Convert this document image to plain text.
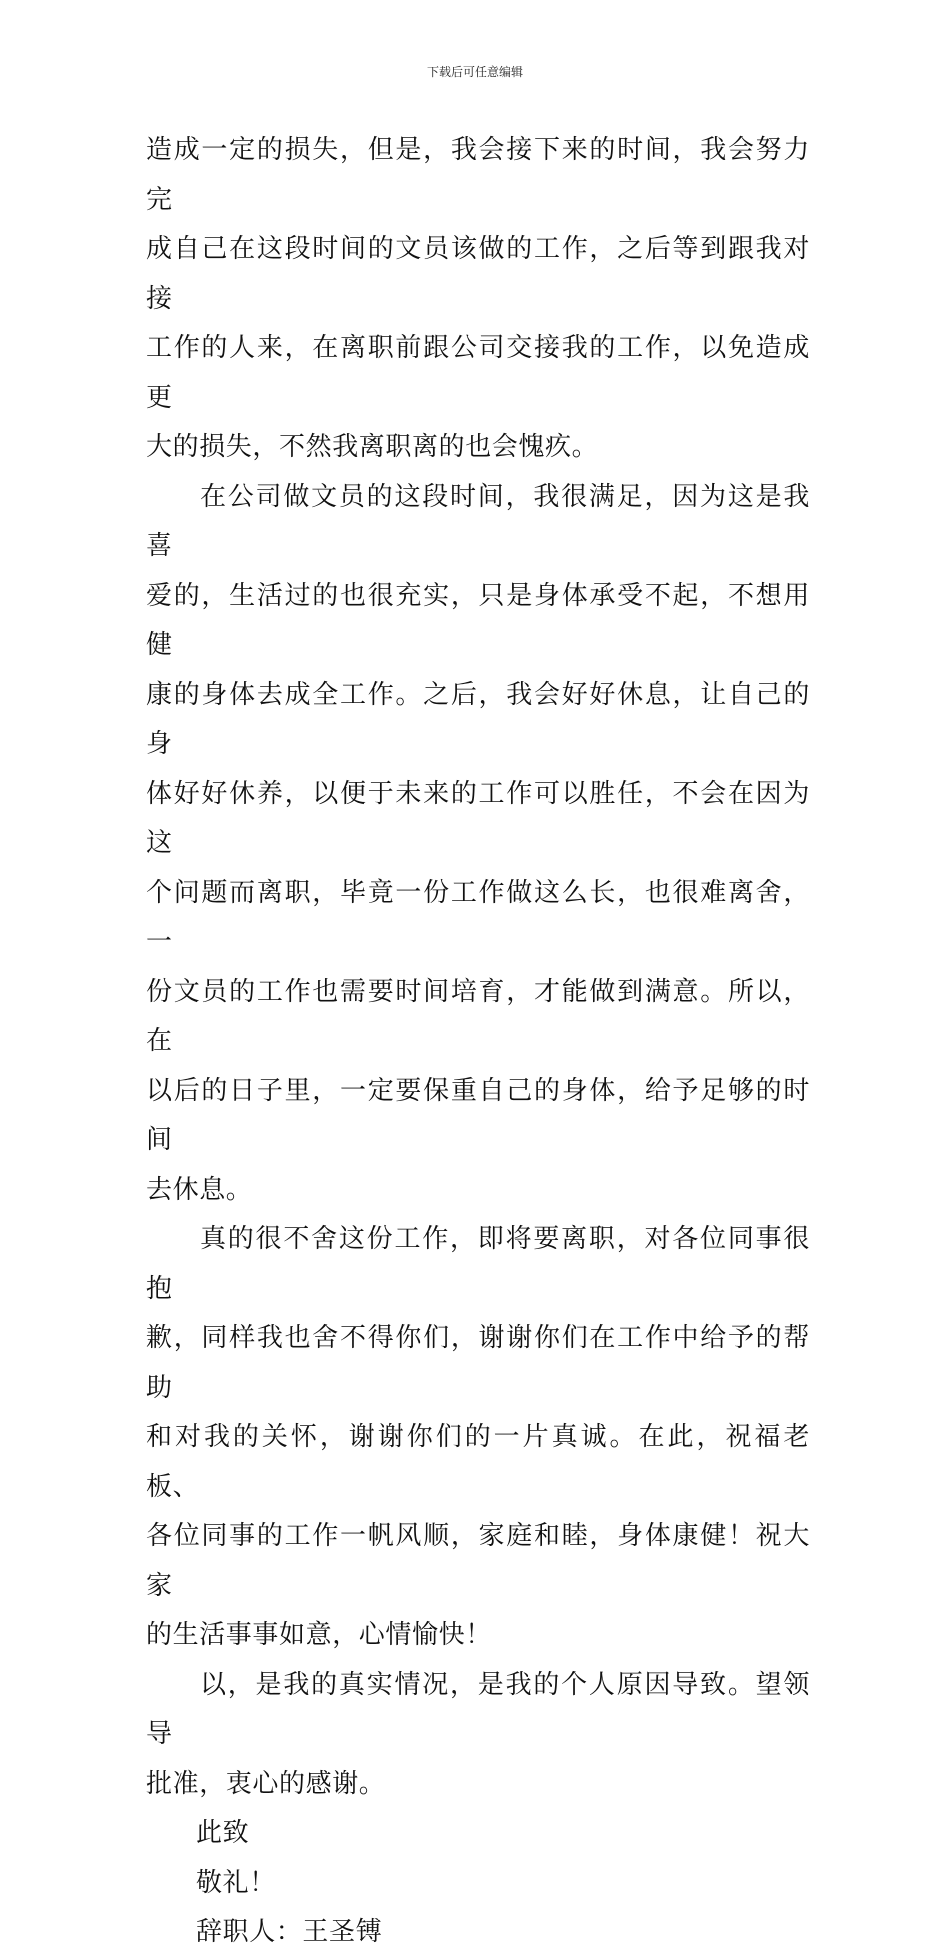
下载后可任意编辑

造成一定的损失，但是，我会接下来的时间，我会努力完
成自己在这段时间的文员该做的工作，之后等到跟我对接
工作的人来，在离职前跟公司交接我的工作，以免造成更
大的损失，不然我离职离的也会愧疚。

在公司做文员的这段时间，我很满足，因为这是我喜
爱的，生活过的也很充实，只是身体承受不起，不想用健
康的身体去成全工作。之后，我会好好休息，让自己的身
体好好休养，以便于未来的工作可以胜任，不会在因为这
个问题而离职，毕竟一份工作做这么长，也很难离舍，一
份文员的工作也需要时间培育，才能做到满意。所以，在
以后的日子里，一定要保重自己的身体，给予足够的时间
去休息。

真的很不舍这份工作，即将要离职，对各位同事很抱
歉，同样我也舍不得你们，谢谢你们在工作中给予的帮助
和对我的关怀，谢谢你们的一片真诚。在此，祝福老板、
各位同事的工作一帆风顺，家庭和睦，身体康健！祝大家
的生活事事如意，心情愉快！

以，是我的真实情况，是我的个人原因导致。望领导
批准，衷心的感谢。

此致

敬礼！

辞职人：王圣镈
